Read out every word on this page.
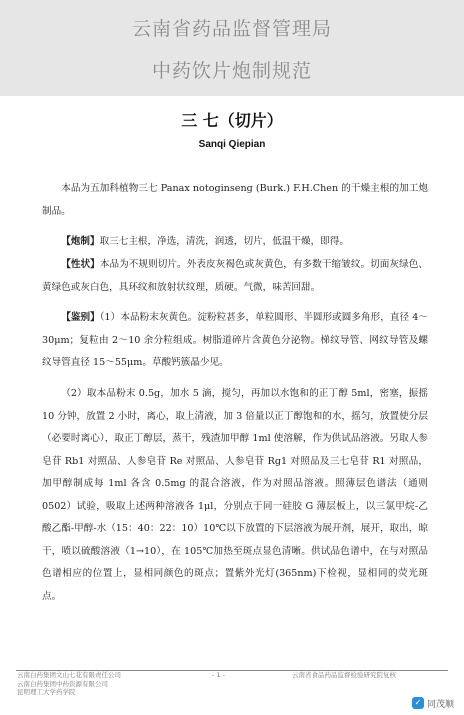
云南省药品监督管理局
中药饮片炮制规范
三 七（切片）
Sanqi Qiepian
本品为五加科植物三七 Panax notoginseng (Burk.) F.H.Chen 的干燥主根的加工炮制品。
【炮制】取三七主根，净选，清洗，润透，切片，低温干燥，即得。
【性状】本品为不规则切片。外表皮灰褐色或灰黄色，有多数干缩皱纹。切面灰绿色、黄绿色或灰白色，具环纹和放射状纹理，质硬。气微，味苦回甜。
【鉴别】（1）本品粉末灰黄色。淀粉粒甚多，单粒圆形、半圆形或圆多角形，直径 4～30μm；复粒由 2～10 余分粒组成。树脂道碎片含黄色分泌物。梯纹导管、网纹导管及螺纹导管直径 15～55μm。草酸钙簇晶少见。
（2）取本品粉末 0.5g，加水 5 滴，搅匀，再加以水饱和的正丁醇 5ml，密塞，振摇 10 分钟，放置 2 小时，离心，取上清液，加 3 倍量以正丁醇饱和的水，摇匀，放置使分层（必要时离心），取正丁醇层，蒸干，残渣加甲醇 1ml 使溶解，作为供试品溶液。另取人参皂苷 Rb1 对照品、人参皂苷 Re 对照品、人参皂苷 Rg1 对照品及三七皂苷 R1 对照品，加甲醇制成每 1ml 各含 0.5mg 的混合溶液，作为对照品溶液。照薄层色谱法（通则 0502）试验，吸取上述两种溶液各 1μl，分别点于同一硅胶 G 薄层板上，以三氯甲烷-乙酸乙酯-甲醇-水（15：40：22：10）10℃以下放置的下层溶液为展开剂，展开，取出，晾干，喷以硫酸溶液（1→10），在 105℃加热至斑点显色清晰。供试品色谱中，在与对照品色谱相应的位置上，显相同颜色的斑点；置紫外光灯(365nm)下检视，显相同的荧光斑点。
云南白药集团文山七花有限责任公司
云南白药集团中药资源有限公司
昆明理工大学药学院
- 1 -	云南省食品药品监督检验研究院复核
✓ 同茂顺
